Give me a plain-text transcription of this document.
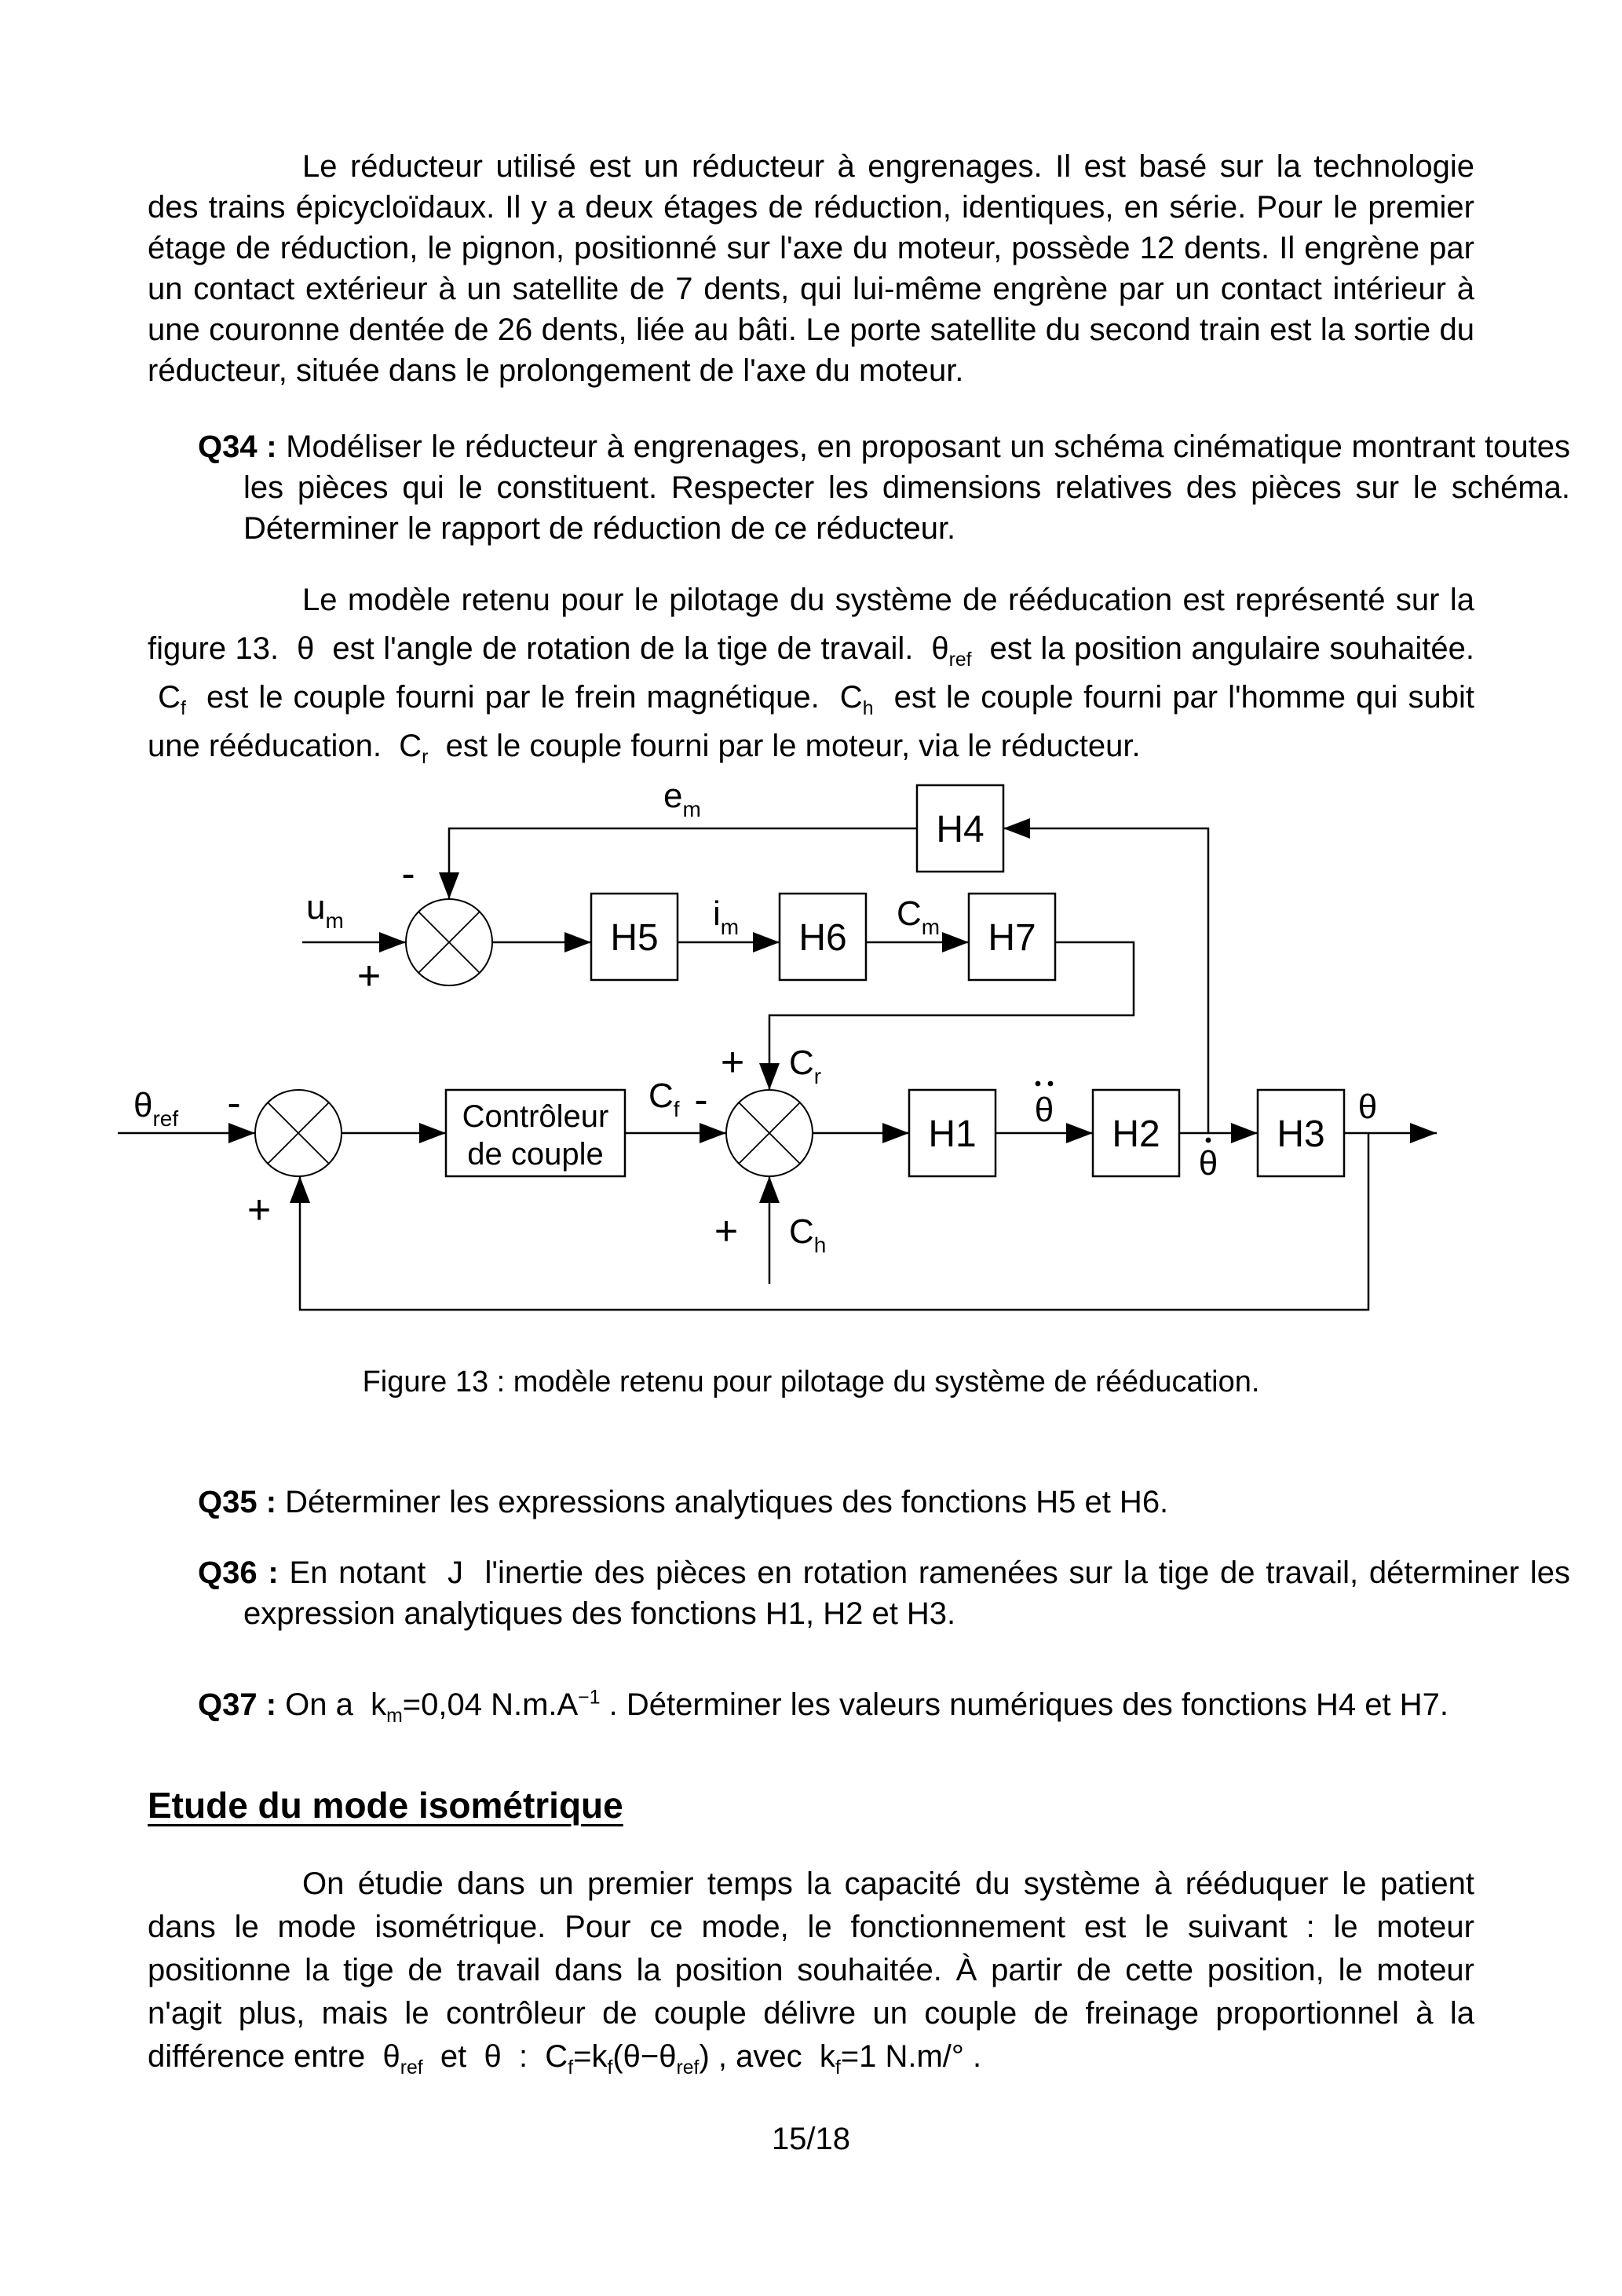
Le réducteur utilisé est un réducteur à engrenages. Il est basé sur la technologie des trains épicycloïdaux. Il y a deux étages de réduction, identiques, en série. Pour le premier étage de réduction, le pignon, positionné sur l'axe du moteur, possède 12 dents. Il engrène par un contact extérieur à un satellite de 7 dents, qui lui-même engrène par un contact intérieur à une couronne dentée de 26 dents, liée au bâti. Le porte satellite du second train est la sortie du réducteur, située dans le prolongement de l'axe du moteur.

Q34 : Modéliser le réducteur à engrenages, en proposant un schéma cinématique montrant toutes les pièces qui le constituent. Respecter les dimensions relatives des pièces sur le schéma. Déterminer le rapport de réduction de ce réducteur.

Le modèle retenu pour le pilotage du système de rééducation est représenté sur la figure 13.  θ  est l'angle de rotation de la tige de travail.  $\theta_{ref}$  est la position angulaire souhaitée.  $C_f$  est le couple fourni par le frein magnétique.  $C_h$  est le couple fourni par l'homme qui subit une rééducation.  $C_r$  est le couple fourni par le moteur, via le réducteur.

H4
H5	H6	H7
Contrôleur
de couple	H1	H2	H3
$u_m$
$e_m$
$i_m$	$C_m$
$\theta_{ref}$
$C_f$
$C_r$
$C_h$
θ
θ
θ
-
+
-
+
-
+
+

Figure 13 : modèle retenu pour pilotage du système de rééducation.

Q35 : Déterminer les expressions analytiques des fonctions H5 et H6.

Q36 : En notant  J  l'inertie des pièces en rotation ramenées sur la tige de travail, déterminer les expression analytiques des fonctions H1, H2 et H3.

Q37 : On a  $k_m=0,04$ $N.m.A^{-1}$ . Déterminer les valeurs numériques des fonctions H4 et H7.

Etude du mode isométrique

On étudie dans un premier temps la capacité du système à rééduquer le patient dans le mode isométrique. Pour ce mode, le fonctionnement est le suivant : le moteur positionne la tige de travail dans la position souhaitée. À partir de cette position, le moteur n'agit plus, mais le contrôleur de couple délivre un couple de freinage proportionnel à la différence entre  $\theta_{ref}$  et  θ  :  $C_f=k_f(\theta-\theta_{ref})$ , avec  $k_f=1$ N.m/° .

15/18
